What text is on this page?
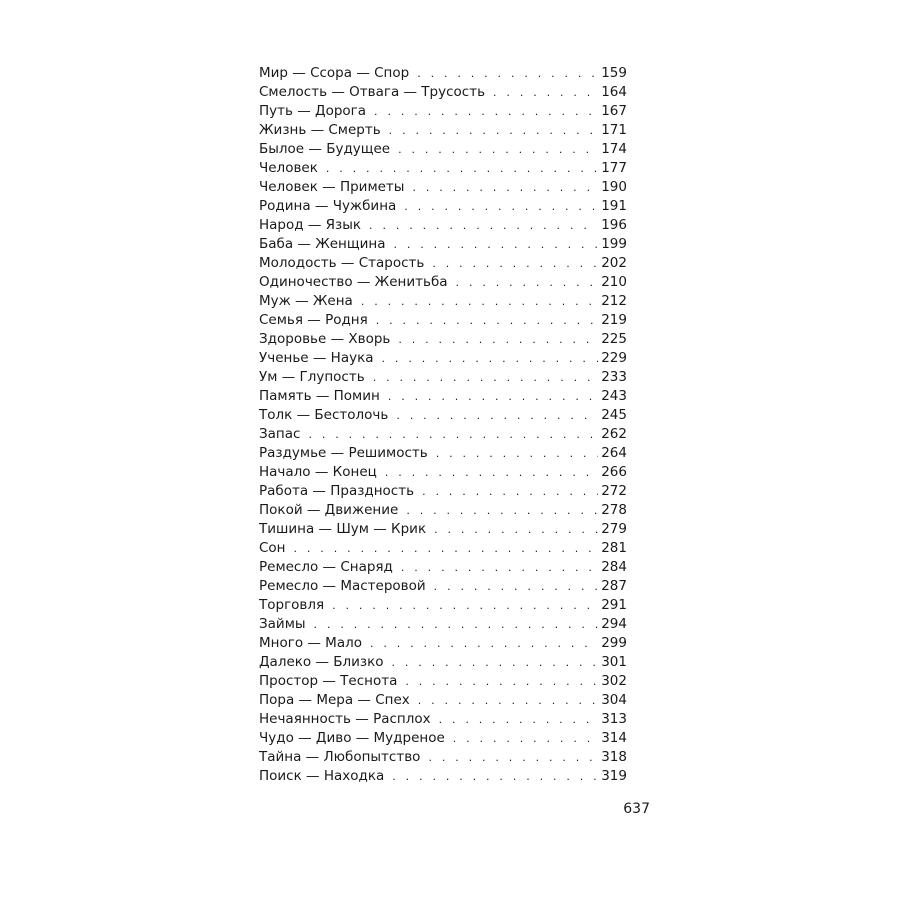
Мир — Ссора — Спор . . .	159
Смелость — Отвага — Трусость . . .	164
Путь — Дорога . . .	167
Жизнь — Смерть . . .	171
Былое — Будущее . . .	174
Человек . . .	177
Человек — Приметы . . .	190
Родина — Чужбина . . .	191
Народ — Язык . . .	196
Баба — Женщина . . .	199
Молодость — Старость . . .	202
Одиночество — Женитьба . . .	210
Муж — Жена . . .	212
Семья — Родня . . .	219
Здоровье — Хворь . . .	225
Ученье — Наука . . .	229
Ум — Глупость . . .	233
Память — Помин . . .	243
Толк — Бестолочь . . .	245
Запас . . .	262
Раздумье — Решимость . . .	264
Начало — Конец . . .	266
Работа — Праздность . . .	272
Покой — Движение . . .	278
Тишина — Шум — Крик . . .	279
Сон . . .	281
Ремесло — Снаряд . . .	284
Ремесло — Мастеровой . . .	287
Торговля . . .	291
Займы . . .	294
Много — Мало . . .	299
Далеко — Близко . . .	301
Простор — Теснота . . .	302
Пора — Мера — Спех . . .	304
Нечаянность — Расплох . . .	313
Чудо — Диво — Мудреное . . .	314
Тайна — Любопытство . . .	318
Поиск — Находка . . .	319
637
